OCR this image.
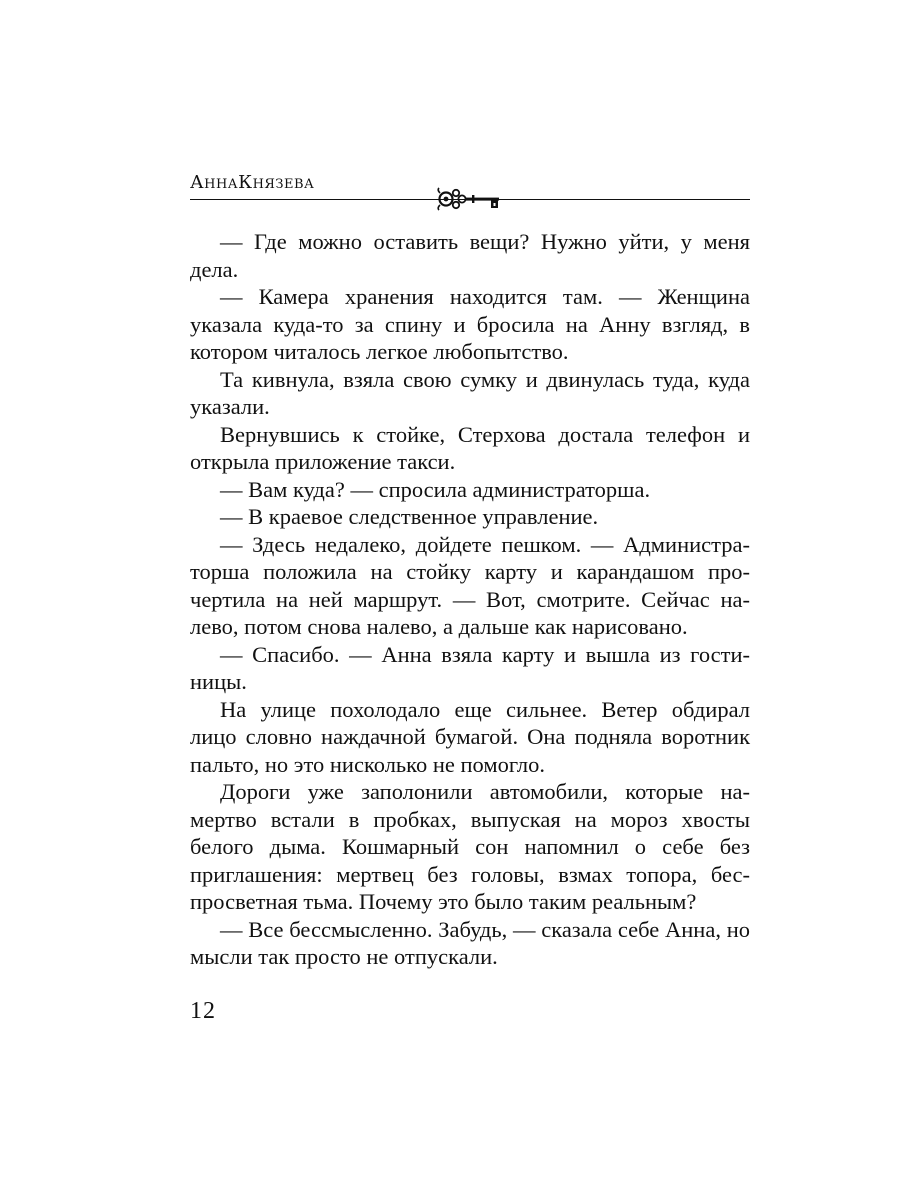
АннаКнязева

— Где можно оставить вещи? Нужно уйти, у меня дела.

— Камера хранения находится там. — Женщина указала куда-то за спину и бросила на Анну взгляд, в котором читалось легкое любопытство.

Та кивнула, взяла свою сумку и двинулась туда, куда указали.

Вернувшись к стойке, Стерхова достала телефон и открыла приложение такси.

— Вам куда? — спросила администраторша.

— В краевое следственное управление.

— Здесь недалеко, дойдете пешком. — Администраторша положила на стойку карту и карандашом прочертила на ней маршрут. — Вот, смотрите. Сейчас налево, потом снова налево, а дальше как нарисовано.

— Спасибо. — Анна взяла карту и вышла из гостиницы.

На улице похолодало еще сильнее. Ветер обдирал лицо словно наждачной бумагой. Она подняла воротник пальто, но это нисколько не помогло.

Дороги уже заполонили автомобили, которые намертво встали в пробках, выпуская на мороз хвосты белого дыма. Кошмарный сон напомнил о себе без приглашения: мертвец без головы, взмах топора, беспросветная тьма. Почему это было таким реальным?

— Все бессмысленно. Забудь, — сказала себе Анна, но мысли так просто не отпускали.

12
